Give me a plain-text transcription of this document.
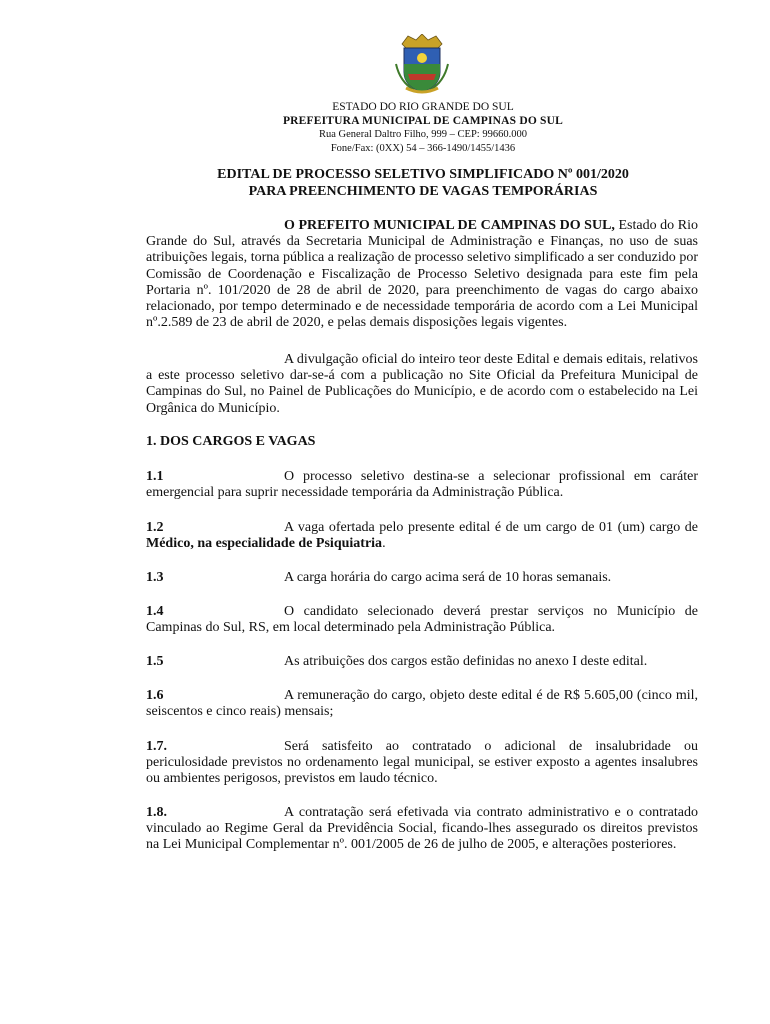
ESTADO DO RIO GRANDE DO SUL
PREFEITURA MUNICIPAL DE CAMPINAS DO SUL
Rua General Daltro Filho, 999 – CEP: 99660.000
Fone/Fax: (0XX) 54 – 366-1490/1455/1436
EDITAL DE PROCESSO SELETIVO SIMPLIFICADO Nº 001/2020
PARA PREENCHIMENTO DE VAGAS TEMPORÁRIAS
O PREFEITO MUNICIPAL DE CAMPINAS DO SUL, Estado do Rio Grande do Sul, através da Secretaria Municipal de Administração e Finanças, no uso de suas atribuições legais, torna pública a realização de processo seletivo simplificado a ser conduzido por Comissão de Coordenação e Fiscalização de Processo Seletivo designada para este fim pela Portaria nº. 101/2020 de 28 de abril de 2020, para preenchimento de vagas do cargo abaixo relacionado, por tempo determinado e de necessidade temporária de acordo com a Lei Municipal nº.2.589 de 23 de abril de 2020, e pelas demais disposições legais vigentes.
A divulgação oficial do inteiro teor deste Edital e demais editais, relativos a este processo seletivo dar-se-á com a publicação no Site Oficial da Prefeitura Municipal de Campinas do Sul, no Painel de Publicações do Município, e de acordo com o estabelecido na Lei Orgânica do Município.
1. DOS CARGOS E VAGAS
1.1	O processo seletivo destina-se a selecionar profissional em caráter emergencial para suprir necessidade temporária da Administração Pública.
1.2	A vaga ofertada pelo presente edital é de um cargo de 01 (um) cargo de Médico, na especialidade de Psiquiatria.
1.3	A carga horária do cargo acima será de 10 horas semanais.
1.4	O candidato selecionado deverá prestar serviços no Município de Campinas do Sul, RS, em local determinado pela Administração Pública.
1.5	As atribuições dos cargos estão definidas no anexo I deste edital.
1.6	A remuneração do cargo, objeto deste edital é de R$ 5.605,00 (cinco mil, seiscentos e cinco reais) mensais;
1.7.	Será satisfeito ao contratado o adicional de insalubridade ou periculosidade previstos no ordenamento legal municipal, se estiver exposto a agentes insalubres ou ambientes perigosos, previstos em laudo técnico.
1.8.	A contratação será efetivada via contrato administrativo e o contratado vinculado ao Regime Geral da Previdência Social, ficando-lhes assegurado os direitos previstos na Lei Municipal Complementar nº. 001/2005 de 26 de julho de 2005, e alterações posteriores.
